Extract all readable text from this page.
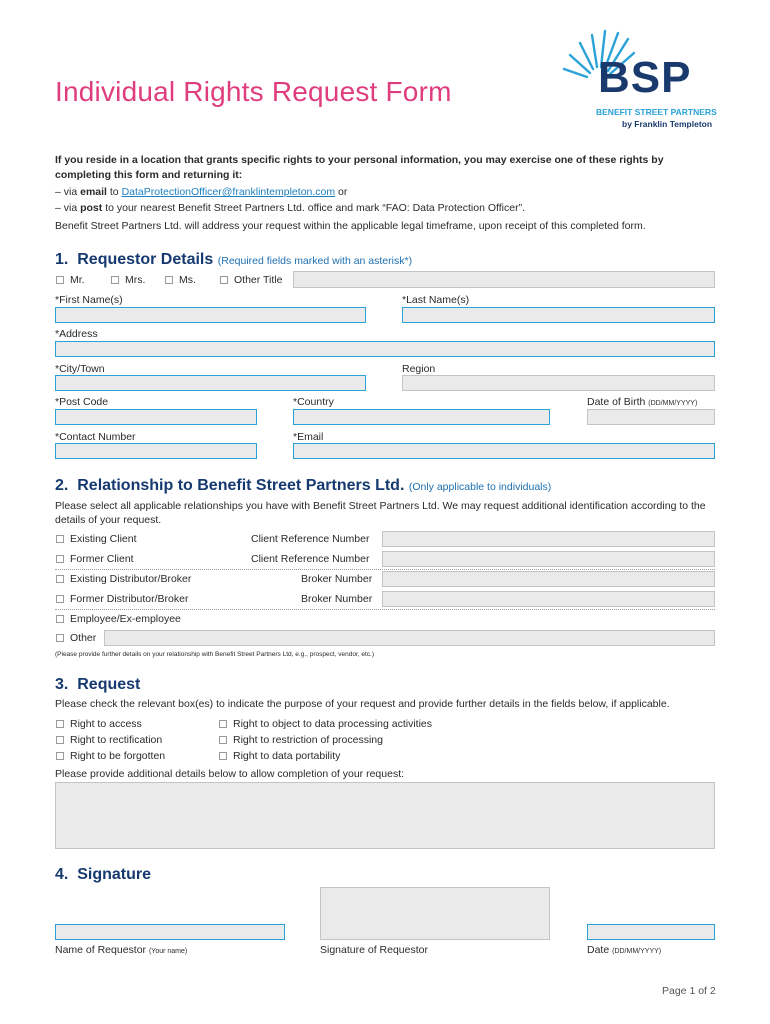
Individual Rights Request Form	BSP
BENEFIT STREET PARTNERS
by Franklin Templeton

If you reside in a location that grants specific rights to your personal information, you may exercise one of these rights by completing this form and returning it:

– via email to DataProtectionOfficer@franklintempleton.com or

– via post to your nearest Benefit Street Partners Ltd. office and mark “FAO: Data Protection Officer”.

Benefit Street Partners Ltd. will address your request within the applicable legal timeframe, upon receipt of this completed form.

1. Requestor Details (Required fields marked with an asterisk*)
Mr.	Mrs.	Ms.	Other Title
*First Name(s)	*Last Name(s)
*Address
*City/Town	Region
*Post Code	*Country	Date of Birth (DD/MM/YYYY)
*Contact Number	*Email
2. Relationship to Benefit Street Partners Ltd. (Only applicable to individuals)
Please select all applicable relationships you have with Benefit Street Partners Ltd. We may request additional identification according to the details of your request.
Existing Client	Client Reference Number
Former Client	Client Reference Number
Existing Distributor/Broker	Broker Number
Former Distributor/Broker	Broker Number
Employee/Ex-employee
Other
(Please provide further details on your relationship with Benefit Street Partners Ltd, e.g., prospect, vendor, etc.)
3. Request
Please check the relevant box(es) to indicate the purpose of your request and provide further details in the fields below, if applicable.
Right to access
Right to rectification
Right to be forgotten
Right to object to data processing activities
Right to restriction of processing
Right to data portability
Please provide additional details below to allow completion of your request:
4. Signature
Name of Requestor (Your name)	Signature of Requestor	Date (DD/MM/YYYY)
Page 1 of 2
